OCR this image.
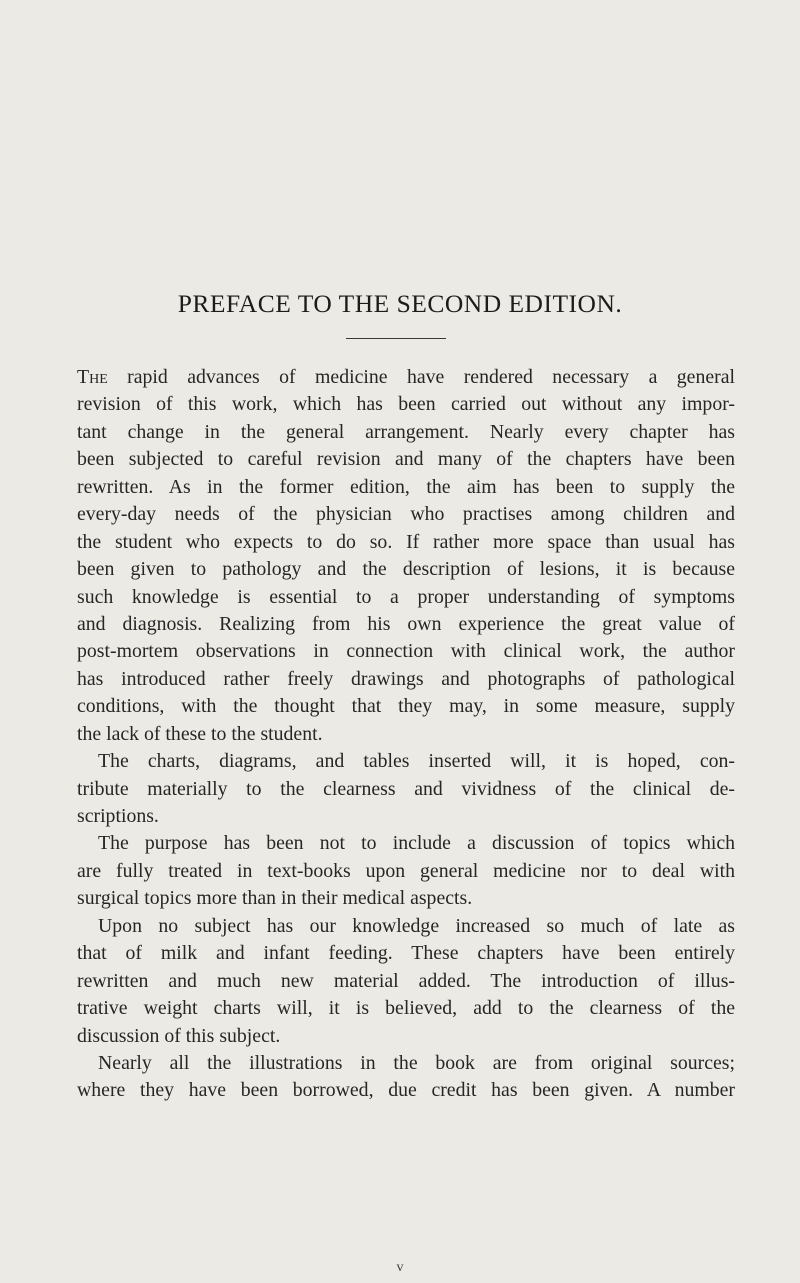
PREFACE TO THE SECOND EDITION.
The rapid advances of medicine have rendered necessary a general
revision of this work, which has been carried out without any impor-
tant change in the general arrangement. Nearly every chapter has
been subjected to careful revision and many of the chapters have been
rewritten. As in the former edition, the aim has been to supply the
every-day needs of the physician who practises among children and
the student who expects to do so. If rather more space than usual has
been given to pathology and the description of lesions, it is because
such knowledge is essential to a proper understanding of symptoms
and diagnosis. Realizing from his own experience the great value of
post-mortem observations in connection with clinical work, the author
has introduced rather freely drawings and photographs of pathological
conditions, with the thought that they may, in some measure, supply
the lack of these to the student.
The charts, diagrams, and tables inserted will, it is hoped, con-
tribute materially to the clearness and vividness of the clinical de-
scriptions.
The purpose has been not to include a discussion of topics which
are fully treated in text-books upon general medicine nor to deal with
surgical topics more than in their medical aspects.
Upon no subject has our knowledge increased so much of late as
that of milk and infant feeding. These chapters have been entirely
rewritten and much new material added. The introduction of illus-
trative weight charts will, it is believed, add to the clearness of the
discussion of this subject.
Nearly all the illustrations in the book are from original sources;
where they have been borrowed, due credit has been given. A number
v
